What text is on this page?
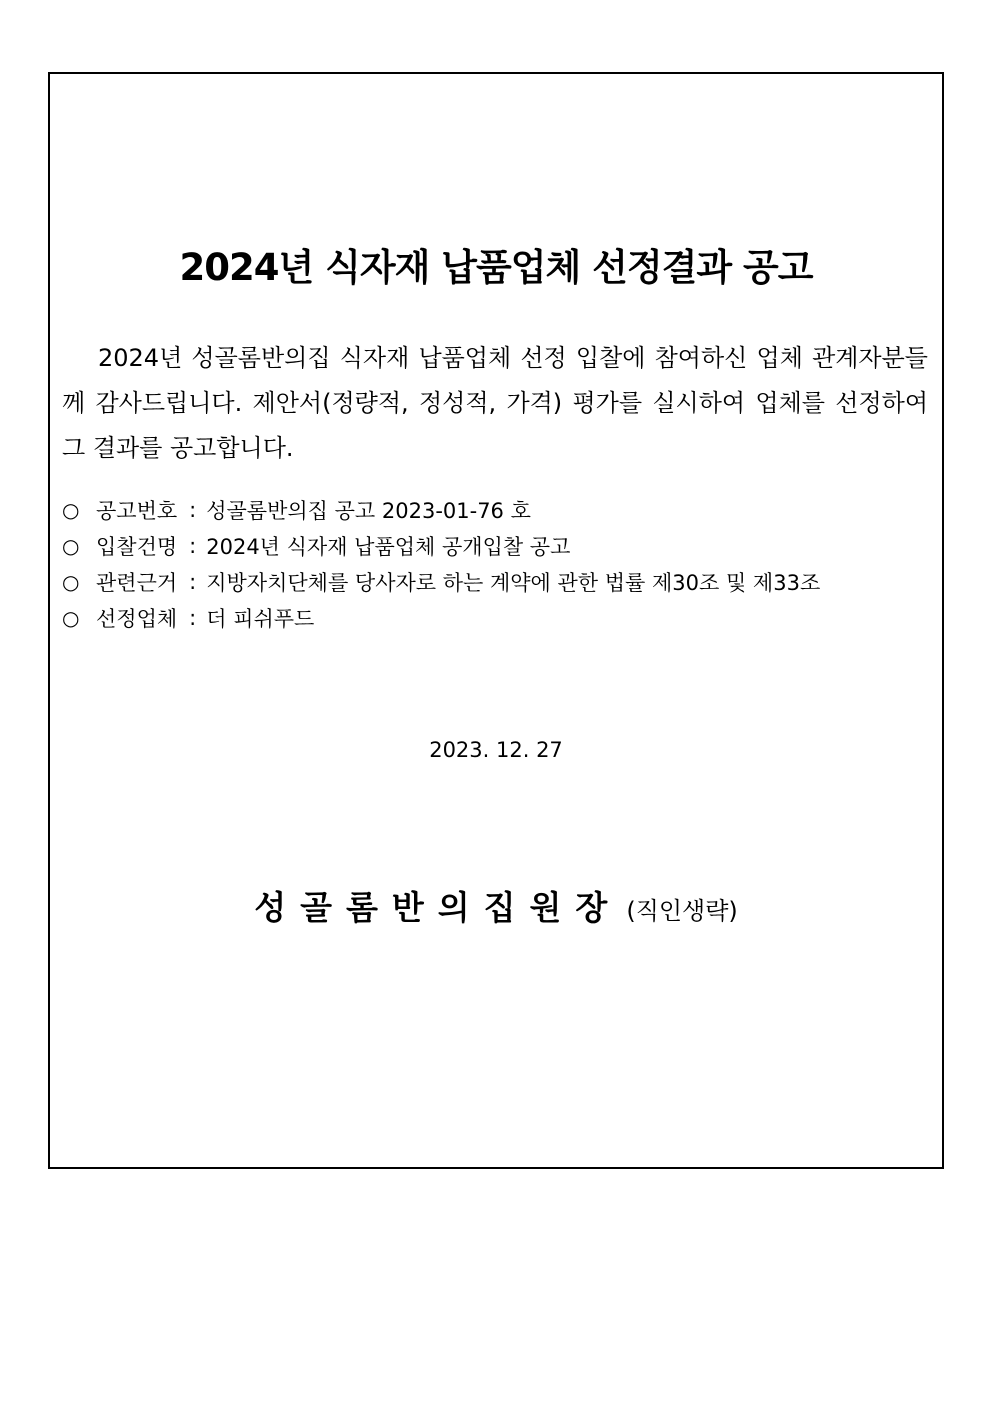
2024년 식자재 납품업체 선정결과 공고
2024년 성골롬반의집 식자재 납품업체 선정 입찰에 참여하신 업체 관계자분들께 감사드립니다. 제안서(정량적, 정성적, 가격) 평가를 실시하여 업체를 선정하여 그 결과를 공고합니다.
○ 공고번호 : 성골롬반의집 공고 2023-01-76 호
○ 입찰건명 : 2024년 식자재 납품업체 공개입찰 공고
○ 관련근거 : 지방자치단체를 당사자로 하는 계약에 관한 법률 제30조 및 제33조
○ 선정업체 : 더 피쉬푸드
2023. 12. 27
성골롬반의집원장 (직인생략)
